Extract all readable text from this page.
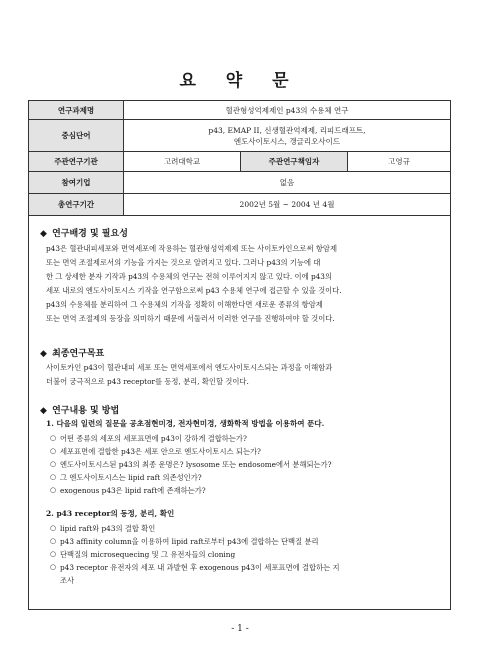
요 약 문
연구과제명	혈관형성억제제인 p43의 수용체 연구		
중심단어	p43, EMAP II, 신생혈관억제제, 리피드래프트,
엔도사이토시스, 갱글리오사이드		

주관연구기관	고려대학교	주관연구책임자	고영규
참여기업	없음		
총연구기간	2002년 5월 ~ 2004 년 4월		
◆ 연구배경 및 필요성
p43은 혈관내피세포와 면역세포에 작용하는 혈관형성억제제 또는 사이토카인으로써 항암제
또는 면역 조절제로서의 기능을 가지는 것으로 알려지고 있다. 그러나 p43의 기능에 대
한 그 상세한 분자 기작과 p43의 수용체의 연구는 전혀 이루어지지 않고 있다. 이에 p43의
세포 내로의 엔도사이토시스 기작을 연구함으로써 p43 수용체 연구에 접근할 수 있을 것이다.
p43의 수용체를 분리하여 그 수용체의 기작을 정확히 이해한다면 새로운 종류의 항암제
또는 면역 조절제의 등장을 의미하기 때문에 서둘러서 이러한 연구를 진행하여야 할 것이다.
◆ 최종연구목표
사이토카인 p43이 혈관내피 세포 또는 면역세포에서 엔도사이토시스되는 과정을 이해함과
더불어 궁극적으로 p43 receptor를 동정, 분리, 확인할 것이다.
◆ 연구내용 및 방법
1. 다음의 일련의 질문을 공초점현미경, 전자현미경, 생화학적 방법을 이용하여 푼다.
○ 어떤 종류의 세포의 세포표면에 p43이 강하게 결합하는가?
○ 세포표면에 결합한 p43은 세포 안으로 엔도사이토시스 되는가?
○ 엔도사이토시스된 p43의 최종 운명은? lysosome 또는 endosome에서 분해되는가?
○ 그 엔도사이토시스는 lipid raft 의존성인가?
○ exogenous p43은 lipid raft에 존재하는가?
2. p43 receptor의 동정, 분리, 확인
○ lipid raft와 p43의 결합 확인
○ p43 affinity column을 이용하여 lipid raft로부터 p43에 결합하는 단백질 분리
○ 단백질의 microsequecing 및 그 유전자들의 cloning
○ p43 receptor 유전자의 세포 내 과발현 후 exogenous p43이 세포표면에 결합하는 지
조사
- 1 -
